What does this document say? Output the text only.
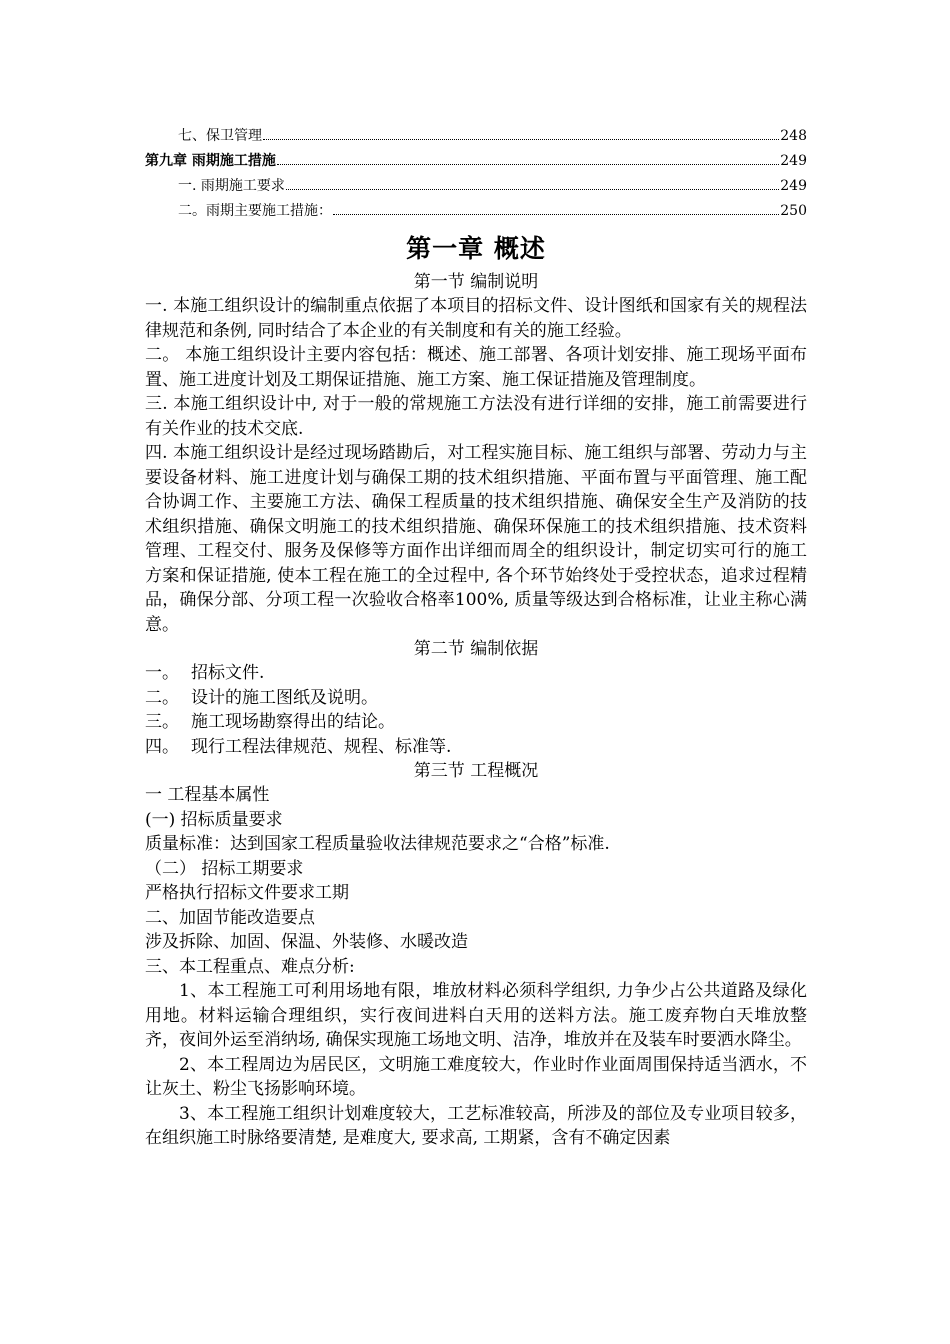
七、保卫管理	248
第九章 雨期施工措施	249
一. 雨期施工要求	249
二。雨期主要施工措施：	250
第一章 概述
第一节 编制说明

一. 本施工组织设计的编制重点依据了本项目的招标文件、设计图纸和国家有关的规程法律规范和条例, 同时结合了本企业的有关制度和有关的施工经验。

二。 本施工组织设计主要内容包括：概述、施工部署、各项计划安排、施工现场平面布置、施工进度计划及工期保证措施、施工方案、施工保证措施及管理制度。

三. 本施工组织设计中, 对于一般的常规施工方法没有进行详细的安排，施工前需要进行有关作业的技术交底.

四. 本施工组织设计是经过现场踏勘后，对工程实施目标、施工组织与部署、劳动力与主要设备材料、施工进度计划与确保工期的技术组织措施、平面布置与平面管理、施工配合协调工作、主要施工方法、确保工程质量的技术组织措施、确保安全生产及消防的技术组织措施、确保文明施工的技术组织措施、确保环保施工的技术组织措施、技术资料管理、工程交付、服务及保修等方面作出详细而周全的组织设计，制定切实可行的施工方案和保证措施, 使本工程在施工的全过程中, 各个环节始终处于受控状态，追求过程精品，确保分部、分项工程一次验收合格率100%, 质量等级达到合格标准，让业主称心满意。

第二节 编制依据
一。 招标文件.
二。 设计的施工图纸及说明。
三。 施工现场勘察得出的结论。
四。 现行工程法律规范、规程、标准等.
第三节 工程概况

一 工程基本属性

(一) 招标质量要求

质量标准：达到国家工程质量验收法律规范要求之“合格”标准.

（二） 招标工期要求

严格执行招标文件要求工期

二、加固节能改造要点

涉及拆除、加固、保温、外装修、水暖改造

三、本工程重点、难点分析:

1、本工程施工可利用场地有限，堆放材料必须科学组织, 力争少占公共道路及绿化用地。材料运输合理组织，实行夜间进料白天用的送料方法。施工废弃物白天堆放整齐，夜间外运至消纳场, 确保实现施工场地文明、洁净，堆放并在及装车时要洒水降尘。

2、本工程周边为居民区，文明施工难度较大，作业时作业面周围保持适当洒水，不让灰土、粉尘飞扬影响环境。

3、本工程施工组织计划难度较大，工艺标准较高，所涉及的部位及专业项目较多，在组织施工时脉络要清楚, 是难度大, 要求高, 工期紧，含有不确定因素
